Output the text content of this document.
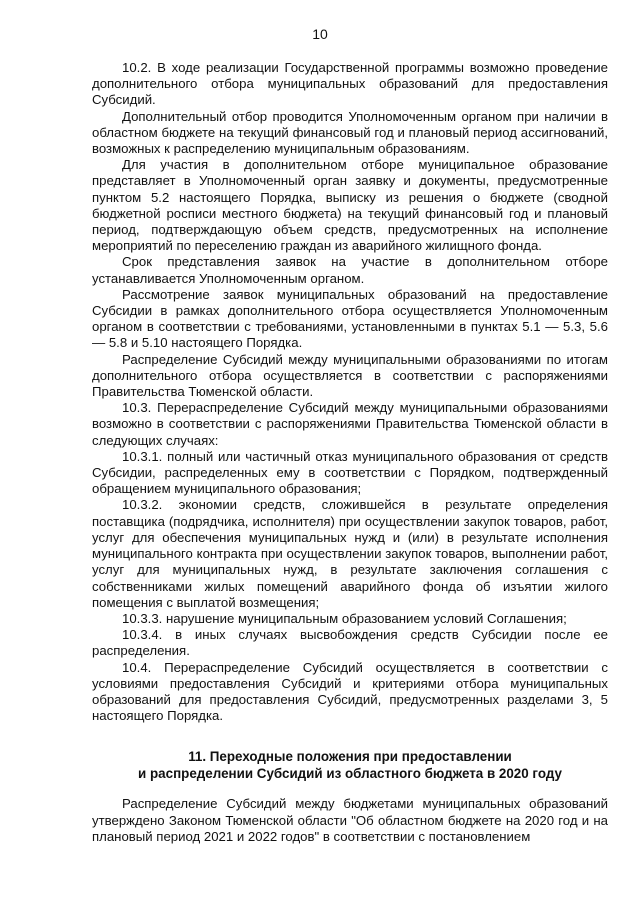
10

10.2. В ходе реализации Государственной программы возможно проведение дополнительного отбора муниципальных образований для предоставления Субсидий.

Дополнительный отбор проводится Уполномоченным органом при наличии в областном бюджете на текущий финансовый год и плановый период ассигнований, возможных к распределению муниципальным образованиям.

Для участия в дополнительном отборе муниципальное образование представляет в Уполномоченный орган заявку и документы, предусмотренные пунктом 5.2 настоящего Порядка, выписку из решения о бюджете (сводной бюджетной росписи местного бюджета) на текущий финансовый год и плановый период, подтверждающую объем средств, предусмотренных на исполнение мероприятий по переселению граждан из аварийного жилищного фонда.

Срок представления заявок на участие в дополнительном отборе устанавливается Уполномоченным органом.

Рассмотрение заявок муниципальных образований на предоставление Субсидии в рамках дополнительного отбора осуществляется Уполномоченным органом в соответствии с требованиями, установленными в пунктах 5.1 — 5.3, 5.6 — 5.8 и 5.10 настоящего Порядка.

Распределение Субсидий между муниципальными образованиями по итогам дополнительного отбора осуществляется в соответствии с распоряжениями Правительства Тюменской области.

10.3. Перераспределение Субсидий между муниципальными образованиями возможно в соответствии с распоряжениями Правительства Тюменской области в следующих случаях:

10.3.1. полный или частичный отказ муниципального образования от средств Субсидии, распределенных ему в соответствии с Порядком, подтвержденный обращением муниципального образования;

10.3.2. экономии средств, сложившейся в результате определения поставщика (подрядчика, исполнителя) при осуществлении закупок товаров, работ, услуг для обеспечения муниципальных нужд и (или) в результате исполнения муниципального контракта при осуществлении закупок товаров, выполнении работ, услуг для муниципальных нужд, в результате заключения соглашения с собственниками жилых помещений аварийного фонда об изъятии жилого помещения с выплатой возмещения;

10.3.3. нарушение муниципальным образованием условий Соглашения;

10.3.4. в иных случаях высвобождения средств Субсидии после ее распределения.

10.4. Перераспределение Субсидий осуществляется в соответствии с условиями предоставления Субсидий и критериями отбора муниципальных образований для предоставления Субсидий, предусмотренных разделами 3, 5 настоящего Порядка.

11. Переходные положения при предоставлении
и распределении Субсидий из областного бюджета в 2020 году

Распределение Субсидий между бюджетами муниципальных образований утверждено Законом Тюменской области "Об областном бюджете на 2020 год и на плановый период 2021 и 2022 годов" в соответствии с постановлением
